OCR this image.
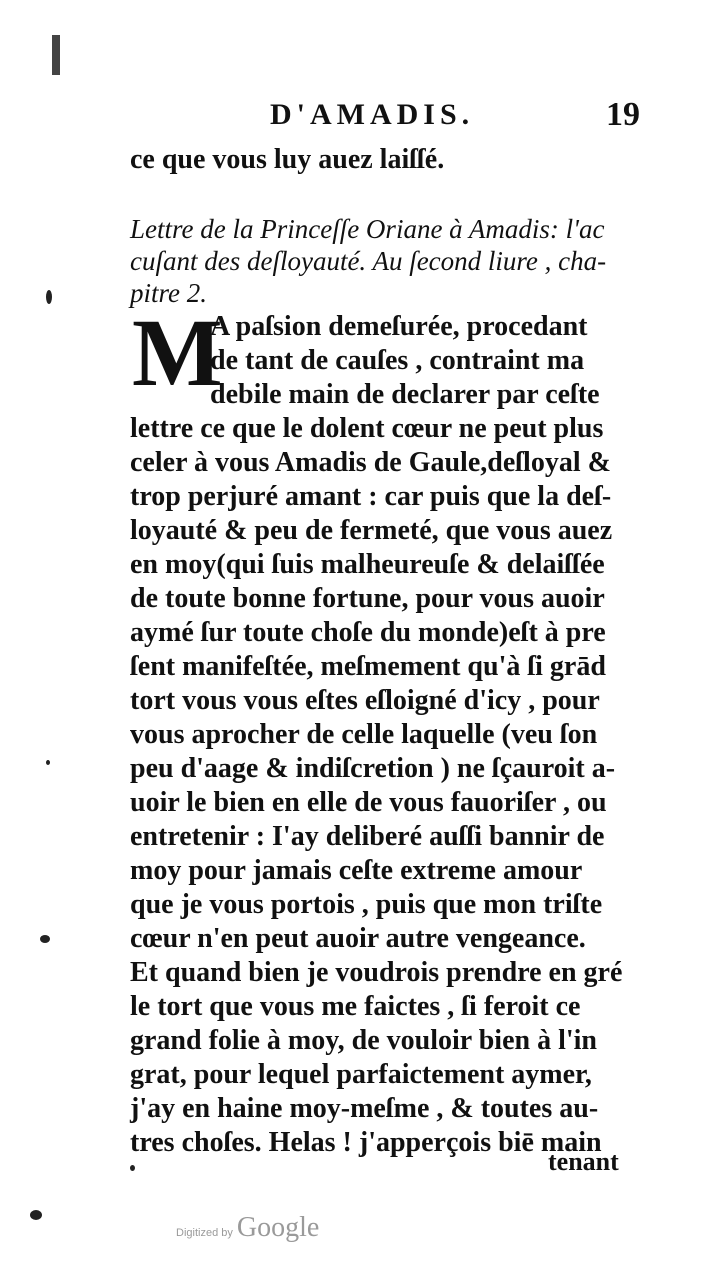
D'AMADIS.	19
ce que vous luy auez laiſſé.
Lettre de la Princeſſe Oriane à Amadis: l'ac
cuſant des deſloyauté. Au ſecond liure , cha-
pitre 2.
M
A paſsion demeſurée, procedant
de tant de cauſes , contraint ma
debile main de declarer par ceſte
lettre ce que le dolent cœur ne peut plus
celer à vous Amadis de Gaule,deſloyal &
trop perjuré amant : car puis que la deſ-
loyauté & peu de fermeté, que vous auez
en moy(qui ſuis malheureuſe & delaiſſée
de toute bonne fortune, pour vous auoir
aymé ſur toute choſe du monde)eſt à pre
ſent manifeſtée, meſmement qu'à ſi grād
tort vous vous eſtes eſloigné d'icy , pour
vous aprocher de celle laquelle (veu ſon
peu d'aage & indiſcretion ) ne ſçauroit a-
uoir le bien en elle de vous fauoriſer , ou
entretenir : I'ay deliberé auſſi bannir de
moy pour jamais ceſte extreme amour
que je vous portois , puis que mon triſte
cœur n'en peut auoir autre vengeance.
Et quand bien je voudrois prendre en gré
le tort que vous me faictes , ſi feroit ce
grand folie à moy, de vouloir bien à l'in
grat, pour lequel parfaictement aymer,
j'ay en haine moy-meſme , & toutes au-
tres choſes. Helas ! j'apperçois biē main
tenant
Digitized by Google
